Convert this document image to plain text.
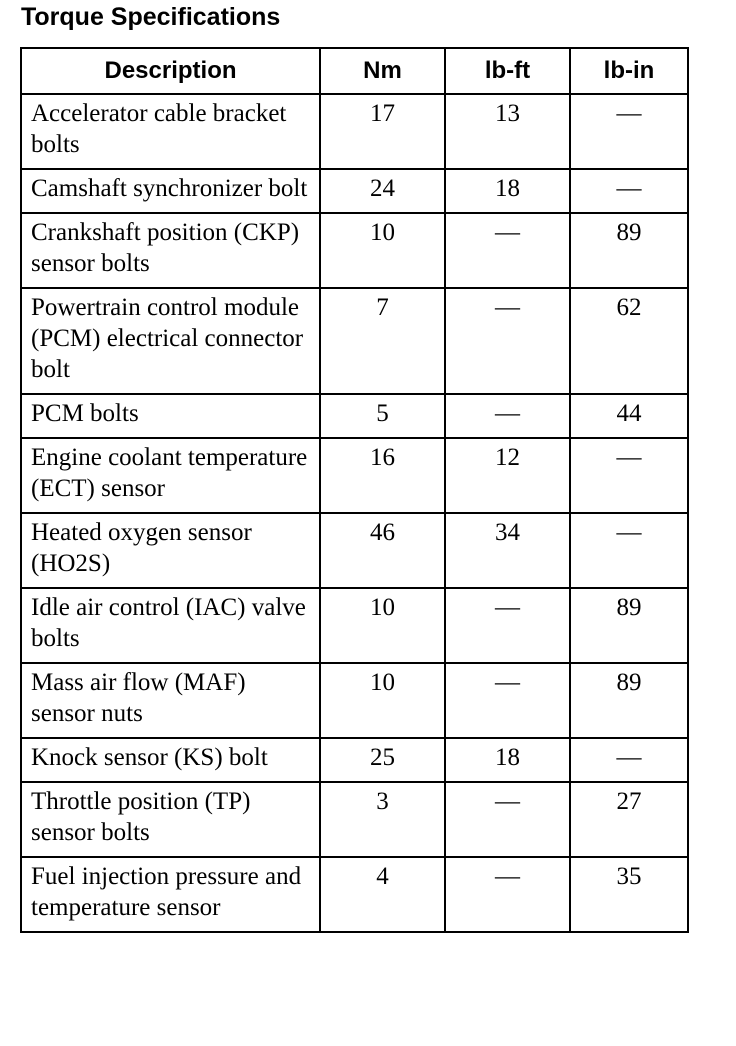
Torque Specifications
Description	Nm	lb-ft	lb-in
Accelerator cable bracket bolts	17	13	—
Camshaft synchronizer bolt	24	18	—
Crankshaft position (CKP) sensor bolts	10	—	89
Powertrain control module (PCM) electrical connector bolt	7	—	62
PCM bolts	5	—	44
Engine coolant temperature (ECT) sensor	16	12	—
Heated oxygen sensor (HO2S)	46	34	—
Idle air control (IAC) valve bolts	10	—	89
Mass air flow (MAF) sensor nuts	10	—	89
Knock sensor (KS) bolt	25	18	—
Throttle position (TP) sensor bolts	3	—	27
Fuel injection pressure and temperature sensor	4	—	35
